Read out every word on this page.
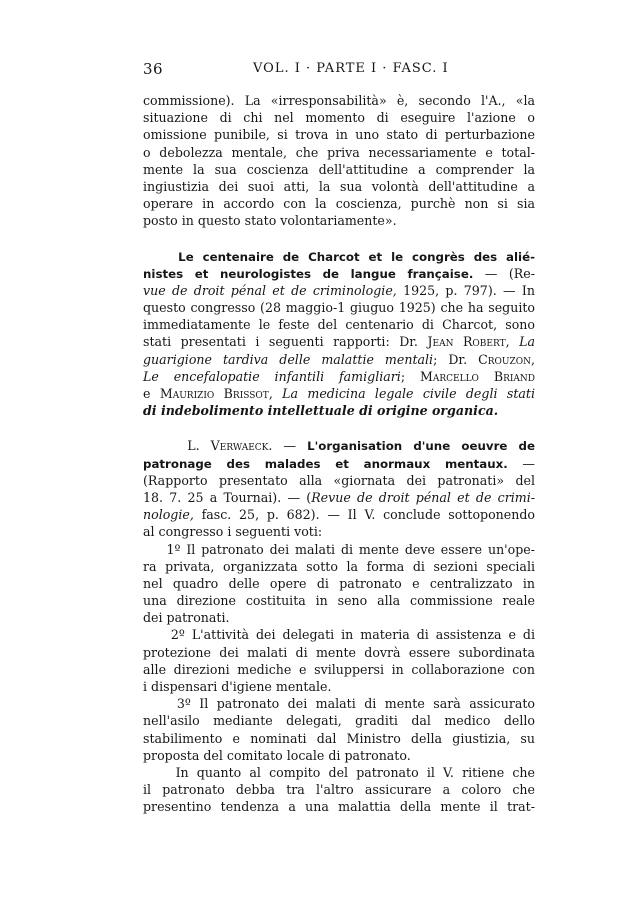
36	VOL. I · PARTE I · FASC. I
commissione). La «irresponsabilità» è, secondo l'A., «la
situazione di chi nel momento di eseguire l'azione o
omissione punibile, si trova in uno stato di perturbazione
o debolezza mentale, che priva necessariamente e total-
mente la sua coscienza dell'attitudine a comprender la
ingiustizia dei suoi atti, la sua volontà dell'attitudine a
operare in accordo con la coscienza, purchè non si sia
posto in questo stato volontariamente».
Le centenaire de Charcot et le congrès des alié-
nistes et neurologistes de langue française. — (Re-
vue de droit pénal et de criminologie, 1925, p. 797). — In
questo congresso (28 maggio-1 giuguo 1925) che ha seguito
immediatamente le feste del centenario di Charcot, sono
stati presentati i seguenti rapporti: Dr. Jean Robert, La
guarigione tardiva delle malattie mentali; Dr. Crouzon,
Le encefalopatie infantili famigliari; Marcello Briand
e Maurizio Brissot, La medicina legale civile degli stati
di indebolimento intellettuale di origine organica.
L. Verwaeck. — L'organisation d'une oeuvre de
patronage des malades et anormaux mentaux. —
(Rapporto presentato alla «giornata dei patronati» del
18. 7. 25 a Tournai). — (Revue de droit pénal et de crimi-
nologie, fasc. 25, p. 682). — Il V. conclude sottoponendo
al congresso i seguenti voti:
1º Il patronato dei malati di mente deve essere un'ope-
ra privata, organizzata sotto la forma di sezioni speciali
nel quadro delle opere di patronato e centralizzato in
una direzione costituita in seno alla commissione reale
dei patronati.
2º L'attività dei delegati in materia di assistenza e di
protezione dei malati di mente dovrà essere subordinata
alle direzioni mediche e sviluppersi in collaborazione con
i dispensari d'igiene mentale.
3º Il patronato dei malati di mente sarà assicurato
nell'asilo mediante delegati, graditi dal medico dello
stabilimento e nominati dal Ministro della giustizia, su
proposta del comitato locale di patronato.
In quanto al compito del patronato il V. ritiene che
il patronato debba tra l'altro assicurare a coloro che
presentino tendenza a una malattia della mente il trat-
